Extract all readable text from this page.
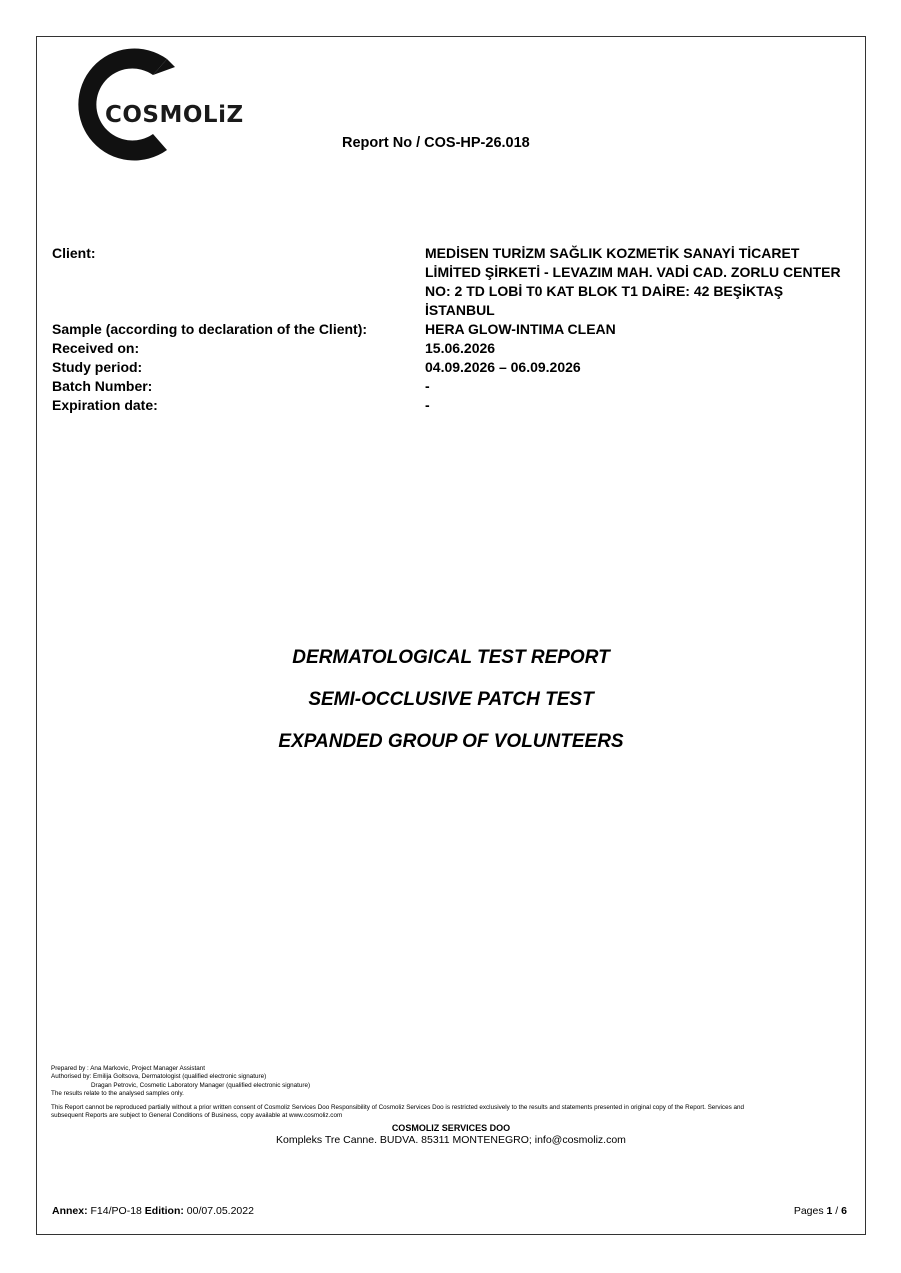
COSMOLiZ
Report No / COS-HP-26.018
Client:	MEDİSEN TURİZM SAĞLIK KOZMETİK SANAYİ TİCARET LİMİTED ŞİRKETİ - LEVAZIM MAH. VADİ CAD. ZORLU CENTER NO: 2 TD LOBİ T0 KAT BLOK T1 DAİRE: 42 BEŞİKTAŞ İSTANBUL
Sample (according to declaration of the Client):	HERA GLOW-INTIMA CLEAN
Received on:	15.06.2026
Study period:	04.09.2026 – 06.09.2026
Batch Number:	-
Expiration date:	-
DERMATOLOGICAL TEST REPORT
SEMI-OCCLUSIVE PATCH TEST
EXPANDED GROUP OF VOLUNTEERS
Prepared by : Ana Markovic, Project Manager Assistant
Authorised by: Emilija Goltsova, Dermatologist (qualified electronic signature)
Dragan Petrovic, Cosmetic Laboratory Manager (qualified electronic signature)
The results relate to the analysed samples only.
This Report cannot be reproduced partially without a prior written consent of Cosmoliz Services Doo Responsibility of Cosmoliz Services Doo is restricted exclusively to the results and statements presented in original copy of the Report. Services and subsequent Reports are subject to General Conditions of Business, copy available at www.cosmoliz.com
COSMOLIZ SERVICES DOO
Kompleks Tre Canne. BUDVA. 85311 MONTENEGRO; info@cosmoliz.com
Annex: F14/PO-18 Edition: 00/07.05.2022	Pages 1 / 6
